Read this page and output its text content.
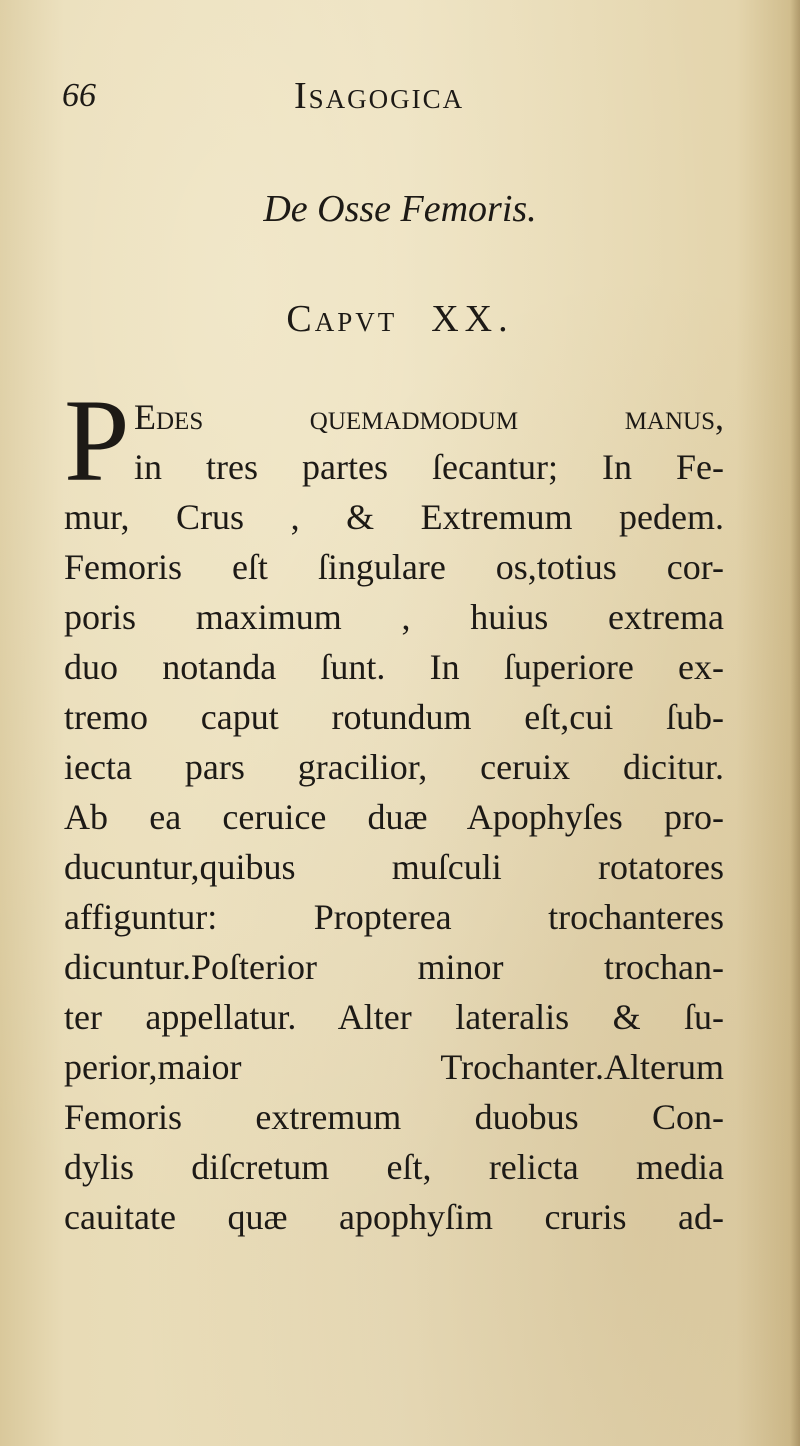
66	Isagogica
De Osse Femoris.
Capvt XX.
P Edes quemadmodum manus,
in tres partes ſecantur; In Fe-
mur, Crus , & Extremum pedem.
Femoris eſt ſingulare os,totius cor-
poris maximum , huius extrema
duo notanda ſunt. In ſuperiore ex-
tremo caput rotundum eſt,cui ſub-
iecta pars gracilior, ceruix dicitur.
Ab ea ceruice duæ Apophyſes pro-
ducuntur,quibus muſculi rotatores
affiguntur: Propterea trochanteres
dicuntur.Poſterior minor trochan-
ter appellatur. Alter lateralis & ſu-
perior,maior Trochanter.Alterum
Femoris extremum duobus Con-
dylis diſcretum eſt, relicta media
cauitate quæ apophyſim cruris ad-
